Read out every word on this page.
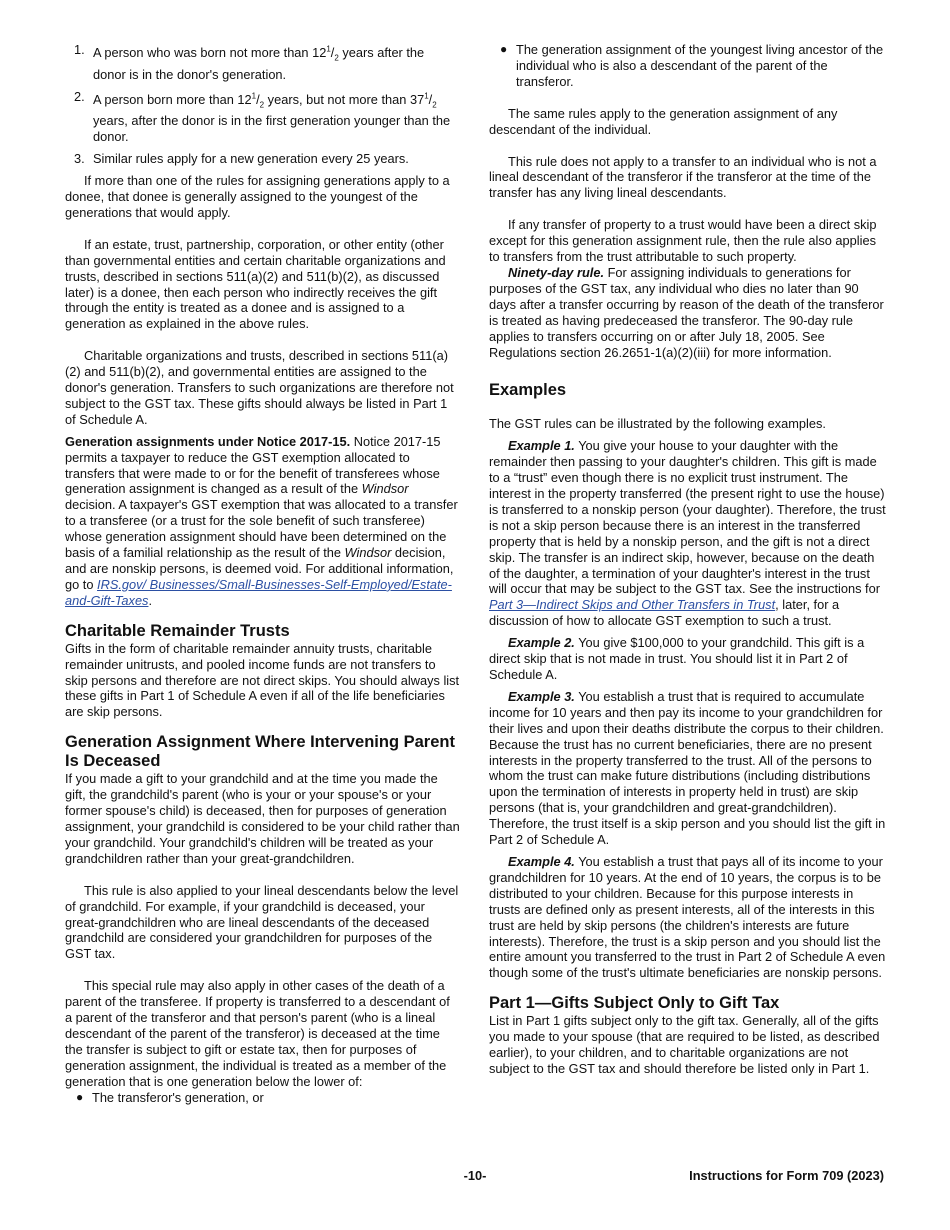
1. A person who was born not more than $12^1/_2$ years after the donor is in the donor's generation.
2. A person born more than $12^1/_2$ years, but not more than $37^1/_2$ years, after the donor is in the first generation younger than the donor.
3. Similar rules apply for a new generation every 25 years.

If more than one of the rules for assigning generations apply to a donee, that donee is generally assigned to the youngest of the generations that would apply.

If an estate, trust, partnership, corporation, or other entity (other than governmental entities and certain charitable organizations and trusts, described in sections 511(a)(2) and 511(b)(2), as discussed later) is a donee, then each person who indirectly receives the gift through the entity is treated as a donee and is assigned to a generation as explained in the above rules.

Charitable organizations and trusts, described in sections 511(a)(2) and 511(b)(2), and governmental entities are assigned to the donor's generation. Transfers to such organizations are therefore not subject to the GST tax. These gifts should always be listed in Part 1 of Schedule A.

Generation assignments under Notice 2017-15. Notice 2017-15 permits a taxpayer to reduce the GST exemption allocated to transfers that were made to or for the benefit of transferees whose generation assignment is changed as a result of the Windsor decision. A taxpayer's GST exemption that was allocated to a transfer to a transferee (or a trust for the sole benefit of such transferee) whose generation assignment should have been determined on the basis of a familial relationship as the result of the Windsor decision, and are nonskip persons, is deemed void. For additional information, go to IRS.gov/ Businesses/Small-Businesses-Self-Employed/Estate-and-Gift-Taxes.

Charitable Remainder Trusts

Gifts in the form of charitable remainder annuity trusts, charitable remainder unitrusts, and pooled income funds are not transfers to skip persons and therefore are not direct skips. You should always list these gifts in Part 1 of Schedule A even if all of the life beneficiaries are skip persons.

Generation Assignment Where Intervening Parent Is Deceased

If you made a gift to your grandchild and at the time you made the gift, the grandchild's parent (who is your or your spouse's or your former spouse's child) is deceased, then for purposes of generation assignment, your grandchild is considered to be your child rather than your grandchild. Your grandchild's children will be treated as your grandchildren rather than your great-grandchildren.

This rule is also applied to your lineal descendants below the level of grandchild. For example, if your grandchild is deceased, your great-grandchildren who are lineal descendants of the deceased grandchild are considered your grandchildren for purposes of the GST tax.

This special rule may also apply in other cases of the death of a parent of the transferee. If property is transferred to a descendant of a parent of the transferor and that person's parent (who is a lineal descendant of the parent of the transferor) is deceased at the time the transfer is subject to gift or estate tax, then for purposes of generation assignment, the individual is treated as a member of the generation that is one generation below the lower of:

● The transferor's generation, or

● The generation assignment of the youngest living ancestor of the individual who is also a descendant of the parent of the transferor.

The same rules apply to the generation assignment of any descendant of the individual.

This rule does not apply to a transfer to an individual who is not a lineal descendant of the transferor if the transferor at the time of the transfer has any living lineal descendants.

If any transfer of property to a trust would have been a direct skip except for this generation assignment rule, then the rule also applies to transfers from the trust attributable to such property.

Ninety-day rule. For assigning individuals to generations for purposes of the GST tax, any individual who dies no later than 90 days after a transfer occurring by reason of the death of the transferor is treated as having predeceased the transferor. The 90-day rule applies to transfers occurring on or after July 18, 2005. See Regulations section 26.2651-1(a)(2)(iii) for more information.

Examples

The GST rules can be illustrated by the following examples.

Example 1. You give your house to your daughter with the remainder then passing to your daughter's children. This gift is made to a “trust” even though there is no explicit trust instrument. The interest in the property transferred (the present right to use the house) is transferred to a nonskip person (your daughter). Therefore, the trust is not a skip person because there is an interest in the transferred property that is held by a nonskip person, and the gift is not a direct skip. The transfer is an indirect skip, however, because on the death of the daughter, a termination of your daughter's interest in the trust will occur that may be subject to the GST tax. See the instructions for Part 3—Indirect Skips and Other Transfers in Trust, later, for a discussion of how to allocate GST exemption to such a trust.

Example 2. You give $100,000 to your grandchild. This gift is a direct skip that is not made in trust. You should list it in Part 2 of Schedule A.

Example 3. You establish a trust that is required to accumulate income for 10 years and then pay its income to your grandchildren for their lives and upon their deaths distribute the corpus to their children. Because the trust has no current beneficiaries, there are no present interests in the property transferred to the trust. All of the persons to whom the trust can make future distributions (including distributions upon the termination of interests in property held in trust) are skip persons (that is, your grandchildren and great-grandchildren). Therefore, the trust itself is a skip person and you should list the gift in Part 2 of Schedule A.

Example 4. You establish a trust that pays all of its income to your grandchildren for 10 years. At the end of 10 years, the corpus is to be distributed to your children. Because for this purpose interests in trusts are defined only as present interests, all of the interests in this trust are held by skip persons (the children's interests are future interests). Therefore, the trust is a skip person and you should list the entire amount you transferred to the trust in Part 2 of Schedule A even though some of the trust's ultimate beneficiaries are nonskip persons.

Part 1—Gifts Subject Only to Gift Tax

List in Part 1 gifts subject only to the gift tax. Generally, all of the gifts you made to your spouse (that are required to be listed, as described earlier), to your children, and to charitable organizations are not subject to the GST tax and should therefore be listed only in Part 1.

-10-	Instructions for Form 709 (2023)
